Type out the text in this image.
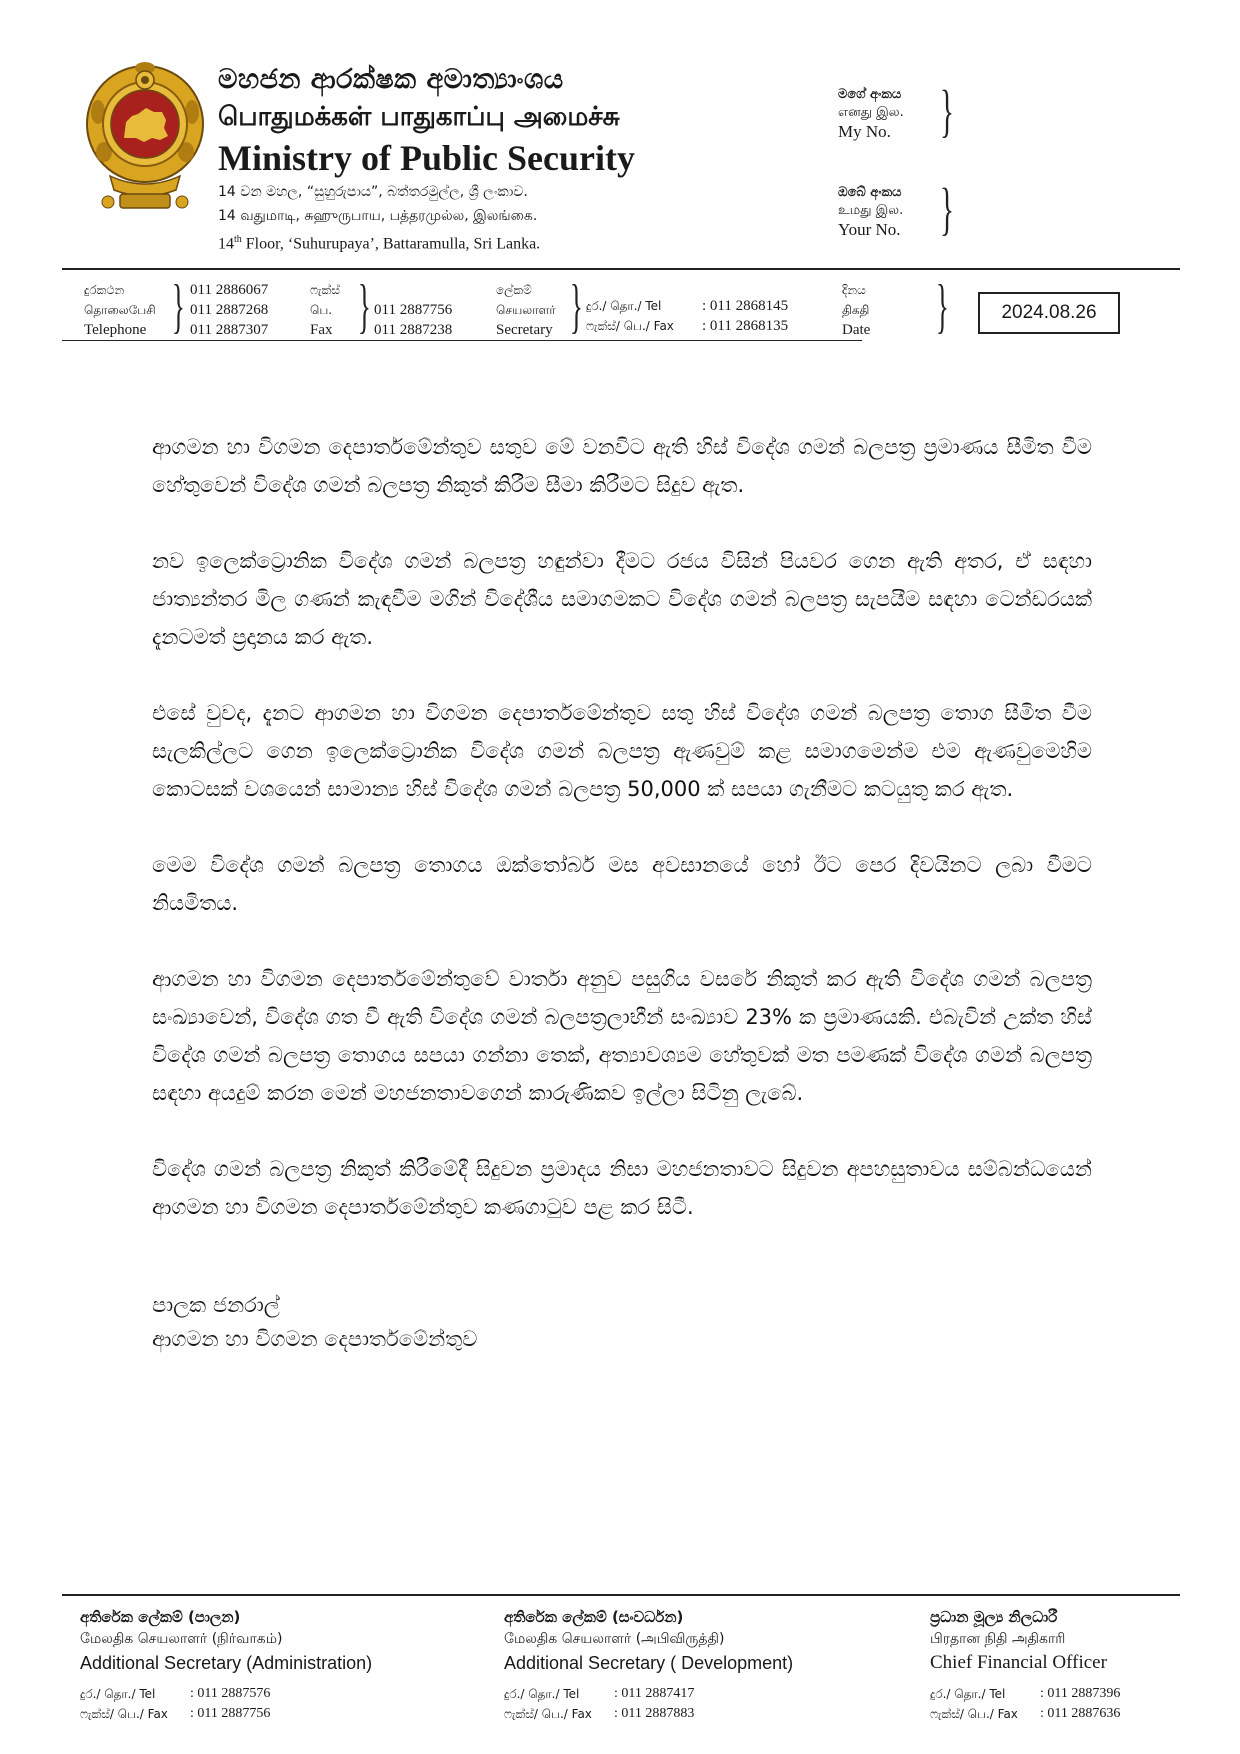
මහජන ආරක්ෂක අමාත්‍යාංශය
பொதுமக்கள் பாதுகாப்பு அமைச்சு
Ministry of Public Security
14 වන මහල, “සුහුරුපාය”, බත්තරමුල්ල, ශ්‍රී ලංකාව.
14 வதுமாடி, சுஹுருபாய, பத்தரமுல்ல, இலங்கை.
14th Floor, ‘Suhurupaya’, Battaramulla, Sri Lanka.
මගේ අංකය
எனது இல.
My No. }
ඔබේ අංකය
உமது இல.
Your No. }
දුරකථන
தொலைபேசி
Telephone } 011 2886067
011 2887268
011 2887307
ෆැක්ස්
பெ.
Fax } 011 2887756
011 2887238
ලේකම්
செயலாளர்
Secretary } දුර./ தொ./ Tel	: 011 2868145
ෆැක්ස්/ பெ./ Fax	: 011 2868135
දිනය
திகதி
Date }	2024.08.26

ආගමන හා විගමන දෙපාර්තමේන්තුව සතුව මේ වනවිට ඇති හිස් විදේශ ගමන් බලපත්‍ර ප්‍රමාණය සීමිත වීම හේතුවෙන් විදේශ ගමන් බලපත්‍ර නිකුත් කිරීම සීමා කිරීමට සිදුව ඇත.

නව ඉලෙක්ට්‍රොනික විදේශ ගමන් බලපත්‍ර හඳුන්වා දීමට රජය විසින් පියවර ගෙන ඇති අතර, ඒ සඳහා ජාත්‍යන්තර මිල ගණන් කැඳවීම මගින් විදේශීය සමාගමකට විදේශ ගමන් බලපත්‍ර සැපයීම සඳහා ටෙන්ඩරයක් දැනටමත් ප්‍රදානය කර ඇත.

එසේ වුවද, දැනට ආගමන හා විගමන දෙපාර්තමේන්තුව සතු හිස් විදේශ ගමන් බලපත්‍ර තොග සීමිත වීම සැලකිල්ලට ගෙන ඉලෙක්ට්‍රොනික විදේශ ගමන් බලපත්‍ර ඇණවුම් කළ සමාගමෙන්ම එම ඇණවුමෙහිම කොටසක් වශයෙන් සාමාන්‍ය හිස් විදේශ ගමන් බලපත්‍ර 50,000 ක් සපයා ගැනීමට කටයුතු කර ඇත.

මෙම විදේශ ගමන් බලපත්‍ර තොගය ඔක්තෝබර් මස අවසානයේ හෝ ඊට පෙර දිවයිනට ලබා වීමට නියමිතය.

ආගමන හා විගමන දෙපාර්තමේන්තුවේ වාර්තා අනුව පසුගිය වසරේ නිකුත් කර ඇති විදේශ ගමන් බලපත්‍ර සංඛ්‍යාවෙන්, විදේශ ගත වී ඇති විදේශ ගමන් බලපත්‍රලාභීන් සංඛ්‍යාව 23% ක ප්‍රමාණයකි. එබැවින් උක්ත හිස් විදේශ ගමන් බලපත්‍ර තොගය සපයා ගන්නා තෙක්, අත්‍යාවශ්‍යම හේතුවක් මත පමණක් විදේශ ගමන් බලපත්‍ර සඳහා අයදුම් කරන මෙන් මහජනතාවගෙන් කාරුණිකව ඉල්ලා සිටිනු ලැබේ.

විදේශ ගමන් බලපත්‍ර නිකුත් කිරීමේදී සිදුවන ප්‍රමාදය නිසා මහජනතාවට සිදුවන අපහසුතාවය සම්බන්ධයෙන් ආගමන හා විගමන දෙපාර්තමේන්තුව කණගාටුව පළ කර සිටී.

පාලක ජනරාල්
ආගමන හා විගමන දෙපාර්තමේන්තුව
අතිරේක ලේකම් (පාලන)
மேலதிக செயலாளர் (நிர்வாகம்)
Additional Secretary (Administration)
දුර./ தொ./ Tel	: 011 2887576
ෆැක්ස්/ பெ./ Fax	: 011 2887756
අතිරේක ලේකම් (සංවර්ධන)
மேலதிக செயலாளர் (அபிவிருத்தி)
Additional Secretary ( Development)
දුර./ தொ./ Tel	: 011 2887417
ෆැක්ස්/ பெ./ Fax	: 011 2887883
ප්‍රධාන මූල්‍ය නිලධාරී
பிரதான நிதி அதிகாரி
Chief Financial Officer
දුර./ தொ./ Tel	: 011 2887396
ෆැක්ස්/ பெ./ Fax	: 011 2887636
